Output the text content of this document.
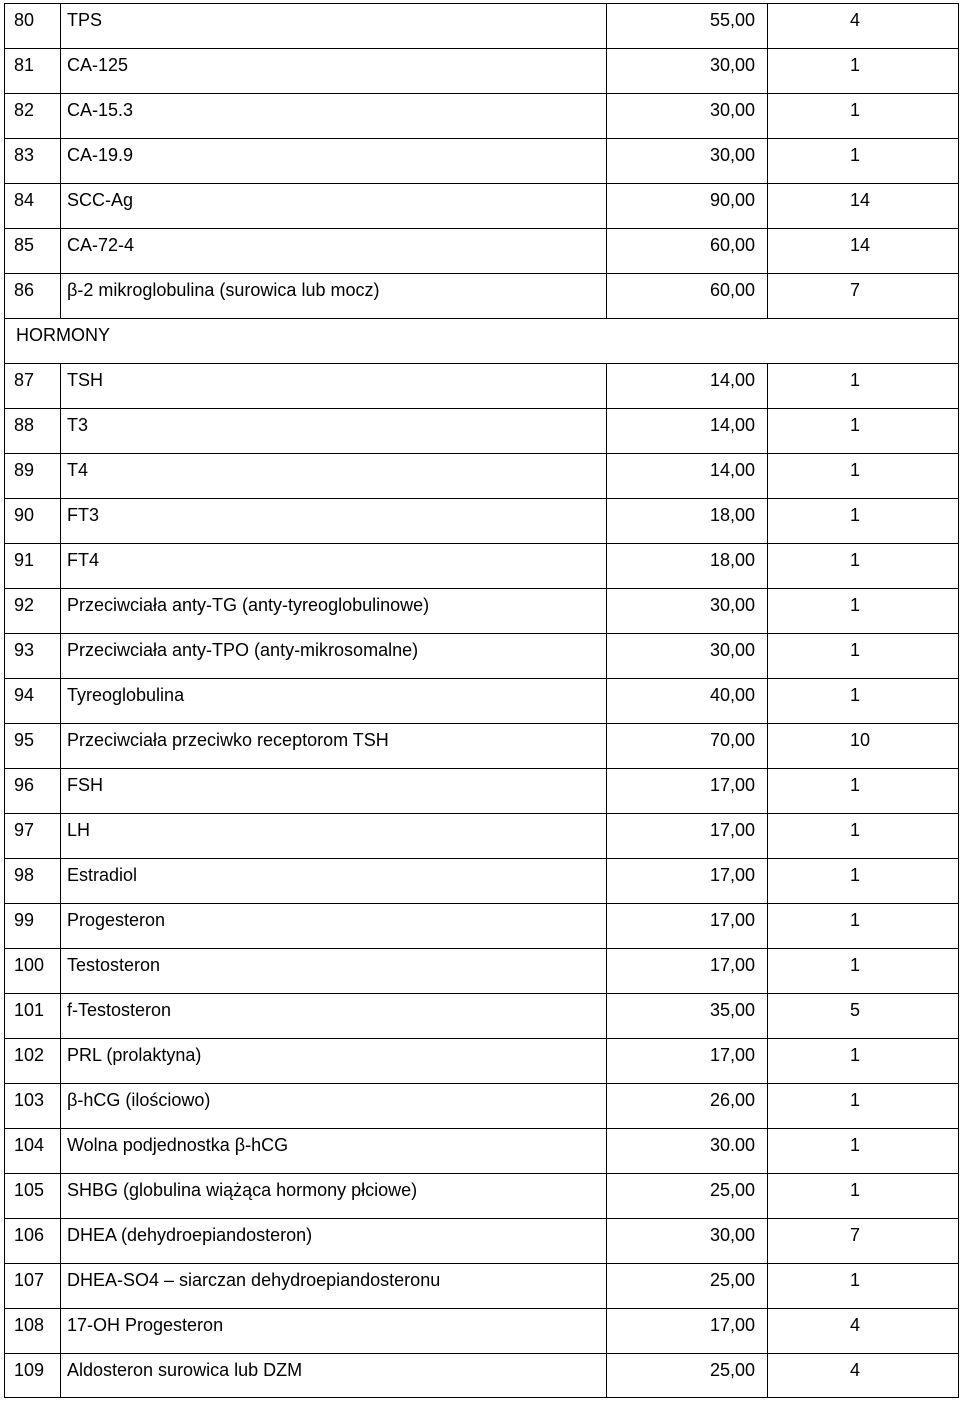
80	TPS	55,00	4
81	CA-125	30,00	1
82	CA-15.3	30,00	1
83	CA-19.9	30,00	1
84	SCC-Ag	90,00	14
85	CA-72-4	60,00	14
86	β-2 mikroglobulina (surowica lub mocz)	60,00	7
HORMONY			
87	TSH	14,00	1
88	T3	14,00	1
89	T4	14,00	1
90	FT3	18,00	1
91	FT4	18,00	1
92	Przeciwciała anty-TG (anty-tyreoglobulinowe)	30,00	1
93	Przeciwciała anty-TPO (anty-mikrosomalne)	30,00	1
94	Tyreoglobulina	40,00	1
95	Przeciwciała przeciwko receptorom TSH	70,00	10
96	FSH	17,00	1
97	LH	17,00	1
98	Estradiol	17,00	1
99	Progesteron	17,00	1
100	Testosteron	17,00	1
101	f-Testosteron	35,00	5
102	PRL (prolaktyna)	17,00	1
103	β-hCG (ilościowo)	26,00	1
104	Wolna podjednostka β-hCG	30.00	1
105	SHBG (globulina wiążąca hormony płciowe)	25,00	1
106	DHEA (dehydroepiandosteron)	30,00	7
107	DHEA-SO4 – siarczan dehydroepiandosteronu	25,00	1
108	17-OH Progesteron	17,00	4
109	Aldosteron surowica lub DZM	25,00	4
